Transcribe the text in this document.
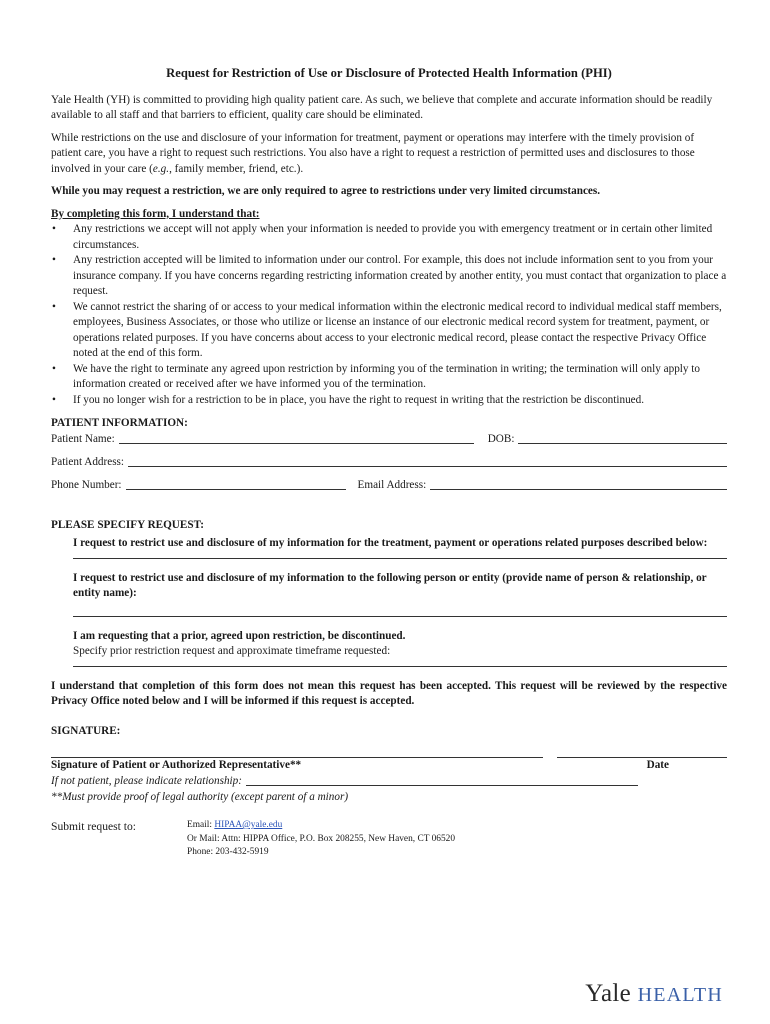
Request for Restriction of Use or Disclosure of Protected Health Information (PHI)

Yale Health (YH) is committed to providing high quality patient care. As such, we believe that complete and accurate information should be readily available to all staff and that barriers to efficient, quality care should be eliminated.

While restrictions on the use and disclosure of your information for treatment, payment or operations may interfere with the timely provision of patient care, you have a right to request such restrictions. You also have a right to request a restriction of permitted uses and disclosures to those involved in your care (e.g., family member, friend, etc.).

While you may request a restriction, we are only required to agree to restrictions under very limited circumstances.

By completing this form, I understand that:
• Any restrictions we accept will not apply when your information is needed to provide you with emergency treatment or in certain other limited circumstances.
• Any restriction accepted will be limited to information under our control. For example, this does not include information sent to you from your insurance company. If you have concerns regarding restricting information created by another entity, you must contact that organization to place a request.
• We cannot restrict the sharing of or access to your medical information within the electronic medical record to individual medical staff members, employees, Business Associates, or those who utilize or license an instance of our electronic medical record system for treatment, payment, or operations related purposes. If you have concerns about access to your electronic medical record, please contact the respective Privacy Office noted at the end of this form.
• We have the right to terminate any agreed upon restriction by informing you of the termination in writing; the termination will only apply to information created or received after we have informed you of the termination.
• If you no longer wish for a restriction to be in place, you have the right to request in writing that the restriction be discontinued.
PATIENT INFORMATION:
Patient Name:	DOB:
Patient Address:
Phone Number:	Email Address:
PLEASE SPECIFY REQUEST:
I request to restrict use and disclosure of my information for the treatment, payment or operations related purposes described below:
I request to restrict use and disclosure of my information to the following person or entity (provide name of person & relationship, or entity name):
I am requesting that a prior, agreed upon restriction, be discontinued.
Specify prior restriction request and approximate timeframe requested:
I understand that completion of this form does not mean this request has been accepted. This request will be reviewed by the respective Privacy Office noted below and I will be informed if this request is accepted.
SIGNATURE:
Signature of Patient or Authorized Representative**	Date
If not patient, please indicate relationship:
**Must provide proof of legal authority (except parent of a minor)
Submit request to:	Email: HIPAA@yale.edu
Or Mail: Attn: HIPPA Office, P.O. Box 208255, New Haven, CT 06520
Phone: 203-432-5919
Yale HEALTH
